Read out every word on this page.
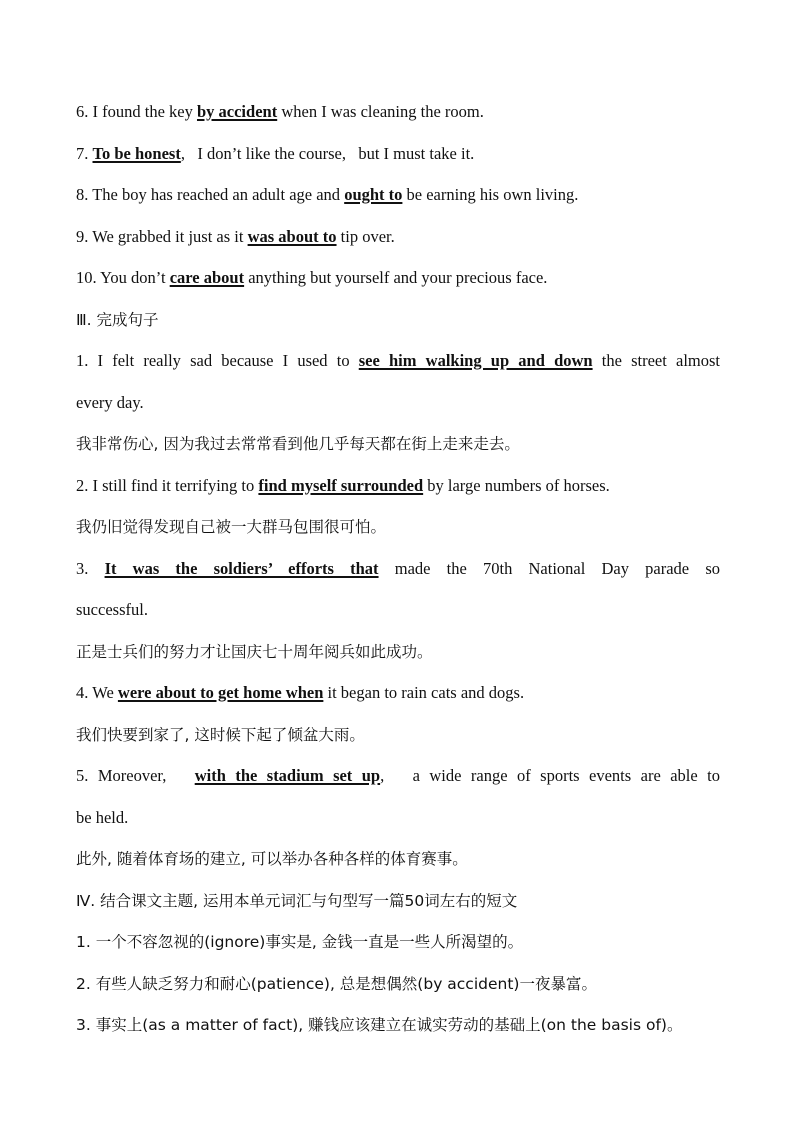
6. I found the key by accident when I was cleaning the room.
7. To be honest,   I don’t like the course,   but I must take it.
8. The boy has reached an adult age and ought to be earning his own living.
9. We grabbed it just as it was about to tip over.
10. You don’t care about anything but yourself and your precious face.
Ⅲ. 完成句子
1. I felt really sad because I used to see him walking up and down the street almost
every day.
我非常伤心, 因为我过去常常看到他几乎每天都在街上走来走去。
2. I still find it terrifying to find myself surrounded by large numbers of horses.
我仍旧觉得发现自己被一大群马包围很可怕。
3. It was the soldiers’ efforts that made the 70th National Day parade so
successful.
正是士兵们的努力才让国庆七十周年阅兵如此成功。
4. We were about to get home when it began to rain cats and dogs.
我们快要到家了, 这时候下起了倾盆大雨。
5. Moreover,   with the stadium set up,   a wide range of sports events are able to
be held.
此外, 随着体育场的建立, 可以举办各种各样的体育赛事。
Ⅳ. 结合课文主题, 运用本单元词汇与句型写一篇50词左右的短文
1. 一个不容忽视的(ignore)事实是, 金钱一直是一些人所渴望的。
2. 有些人缺乏努力和耐心(patience), 总是想偶然(by accident)一夜暴富。
3. 事实上(as a matter of fact), 赚钱应该建立在诚实劳动的基础上(on the basis of)。
